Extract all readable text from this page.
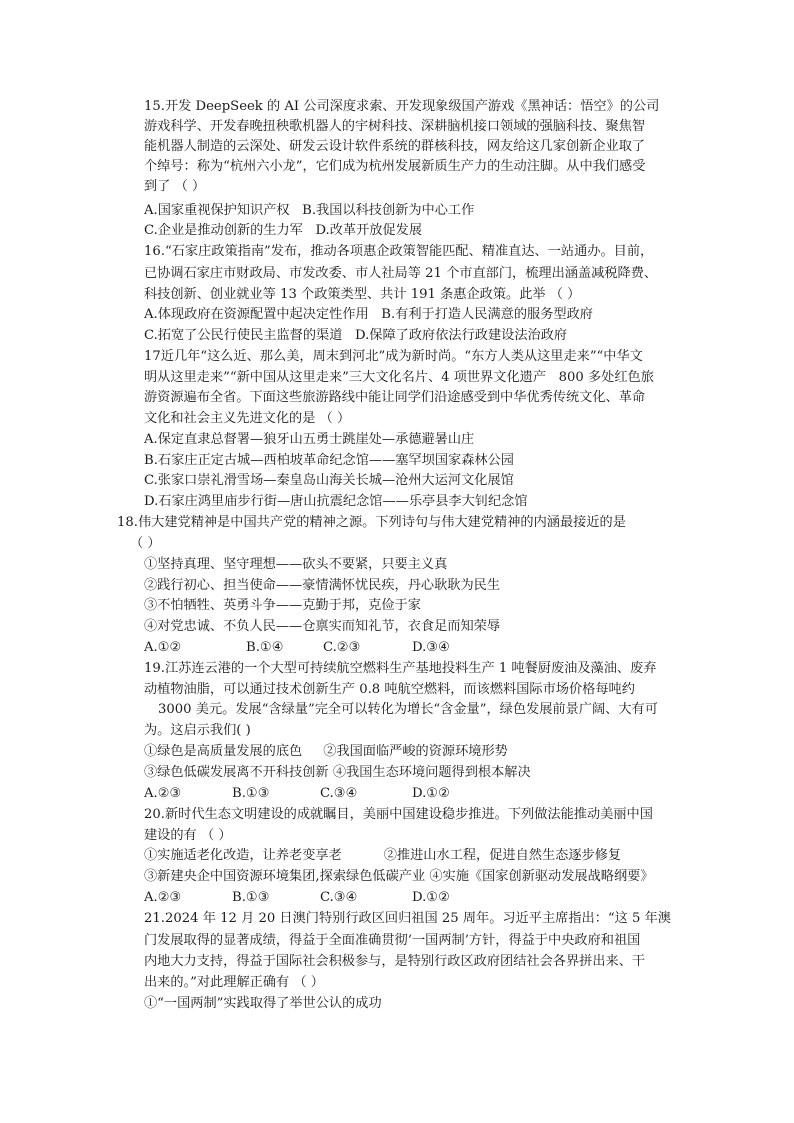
15.开发 DeepSeek 的 AI 公司深度求索、开发现象级国产游戏《黑神话：悟空》的公司
游戏科学、开发春晚扭秧歌机器人的宇树科技、深耕脑机接口领域的强脑科技、聚焦智
能机器人制造的云深处、研发云设计软件系统的群核科技，网友给这几家创新企业取了
个绰号：称为“杭州六小龙”，它们成为杭州发展新质生产力的生动注脚。从中我们感受
到了 （ ）
A.国家重视保护知识产权   B.我国以科技创新为中心工作
C.企业是推动创新的生力军   D.改革开放促发展
16.“石家庄政策指南”发布，推动各项惠企政策智能匹配、精准直达、一站通办。目前，
已协调石家庄市财政局、市发改委、市人社局等 21 个市直部门，梳理出涵盖减税降费、
科技创新、创业就业等 13 个政策类型、共计 191 条惠企政策。此举 （ ）
A.体现政府在资源配置中起决定性作用   B.有利于打造人民满意的服务型政府
C.拓宽了公民行使民主监督的渠道   D.保障了政府依法行政建设法治政府
17近几年“这么近、那么美，周末到河北”成为新时尚。“东方人类从这里走来”“中华文
明从这里走来”“新中国从这里走来”三大文化名片、4 项世界文化遗产   800 多处红色旅
游资源遍布全省。下面这些旅游路线中能让同学们沿途感受到中华优秀传统文化、革命
文化和社会主义先进文化的是 （ ）
A.保定直隶总督署—狼牙山五勇士跳崖处—承德避暑山庄
B.石家庄正定古城—西柏坡革命纪念馆——塞罕坝国家森林公园
C.张家口崇礼滑雪场—秦皇岛山海关长城—沧州大运河文化展馆
D.石家庄鸿里庙步行街—唐山抗震纪念馆——乐亭县李大钊纪念馆
18.伟大建党精神是中国共产党的精神之源。下列诗句与伟大建党精神的内涵最接近的是
（ ）
①坚持真理、坚守理想——砍头不要紧，只要主义真
②践行初心、担当使命——豪情满怀忧民疾，丹心耿耿为民生
③不怕牺牲、英勇斗争——克勤于邦，克俭于家
④对党忠诚、不负人民——仓禀实而知礼节，衣食足而知荣辱
A.①②	B.①④	C.②③	D.③④
19.江苏连云港的一个大型可持续航空燃料生产基地投料生产 1 吨餐厨废油及藻油、废弃
动植物油脂，可以通过技术创新生产 0.8 吨航空燃料，而该燃料国际市场价格每吨约
3000 美元。发展“含绿量”完全可以转化为增长“含金量”，绿色发展前景广阔、大有可
为。这启示我们( )
①绿色是高质量发展的底色     ②我国面临严峻的资源环境形势
③绿色低碳发展离不开科技创新 ④我国生态环境问题得到根本解决
A.②③	B.①③	C.③④	D.①②
20.新时代生态文明建设的成就瞩目，美丽中国建设稳步推进。下列做法能推动美丽中国
建设的有 （ ）
①实施适老化改造，让养老变享老          ②推进山水工程，促进自然生态逐步修复
③新建央企中国资源环境集团,探索绿色低碳产业 ④实施《国家创新驱动发展战略纲要》
A.②③	B.①③	C.③④	D.①②
21.2024 年 12 月 20 日澳门特别行政区回归祖国 25 周年。习近平主席指出：“这 5 年澳
门发展取得的显著成绩，得益于全面准确贯彻‘一国两制’方针，得益于中央政府和祖国
内地大力支持，得益于国际社会积极参与，是特别行政区政府团结社会各界拼出来、干
出来的。”对此理解正确有 （ ）
①“一国两制”实践取得了举世公认的成功
